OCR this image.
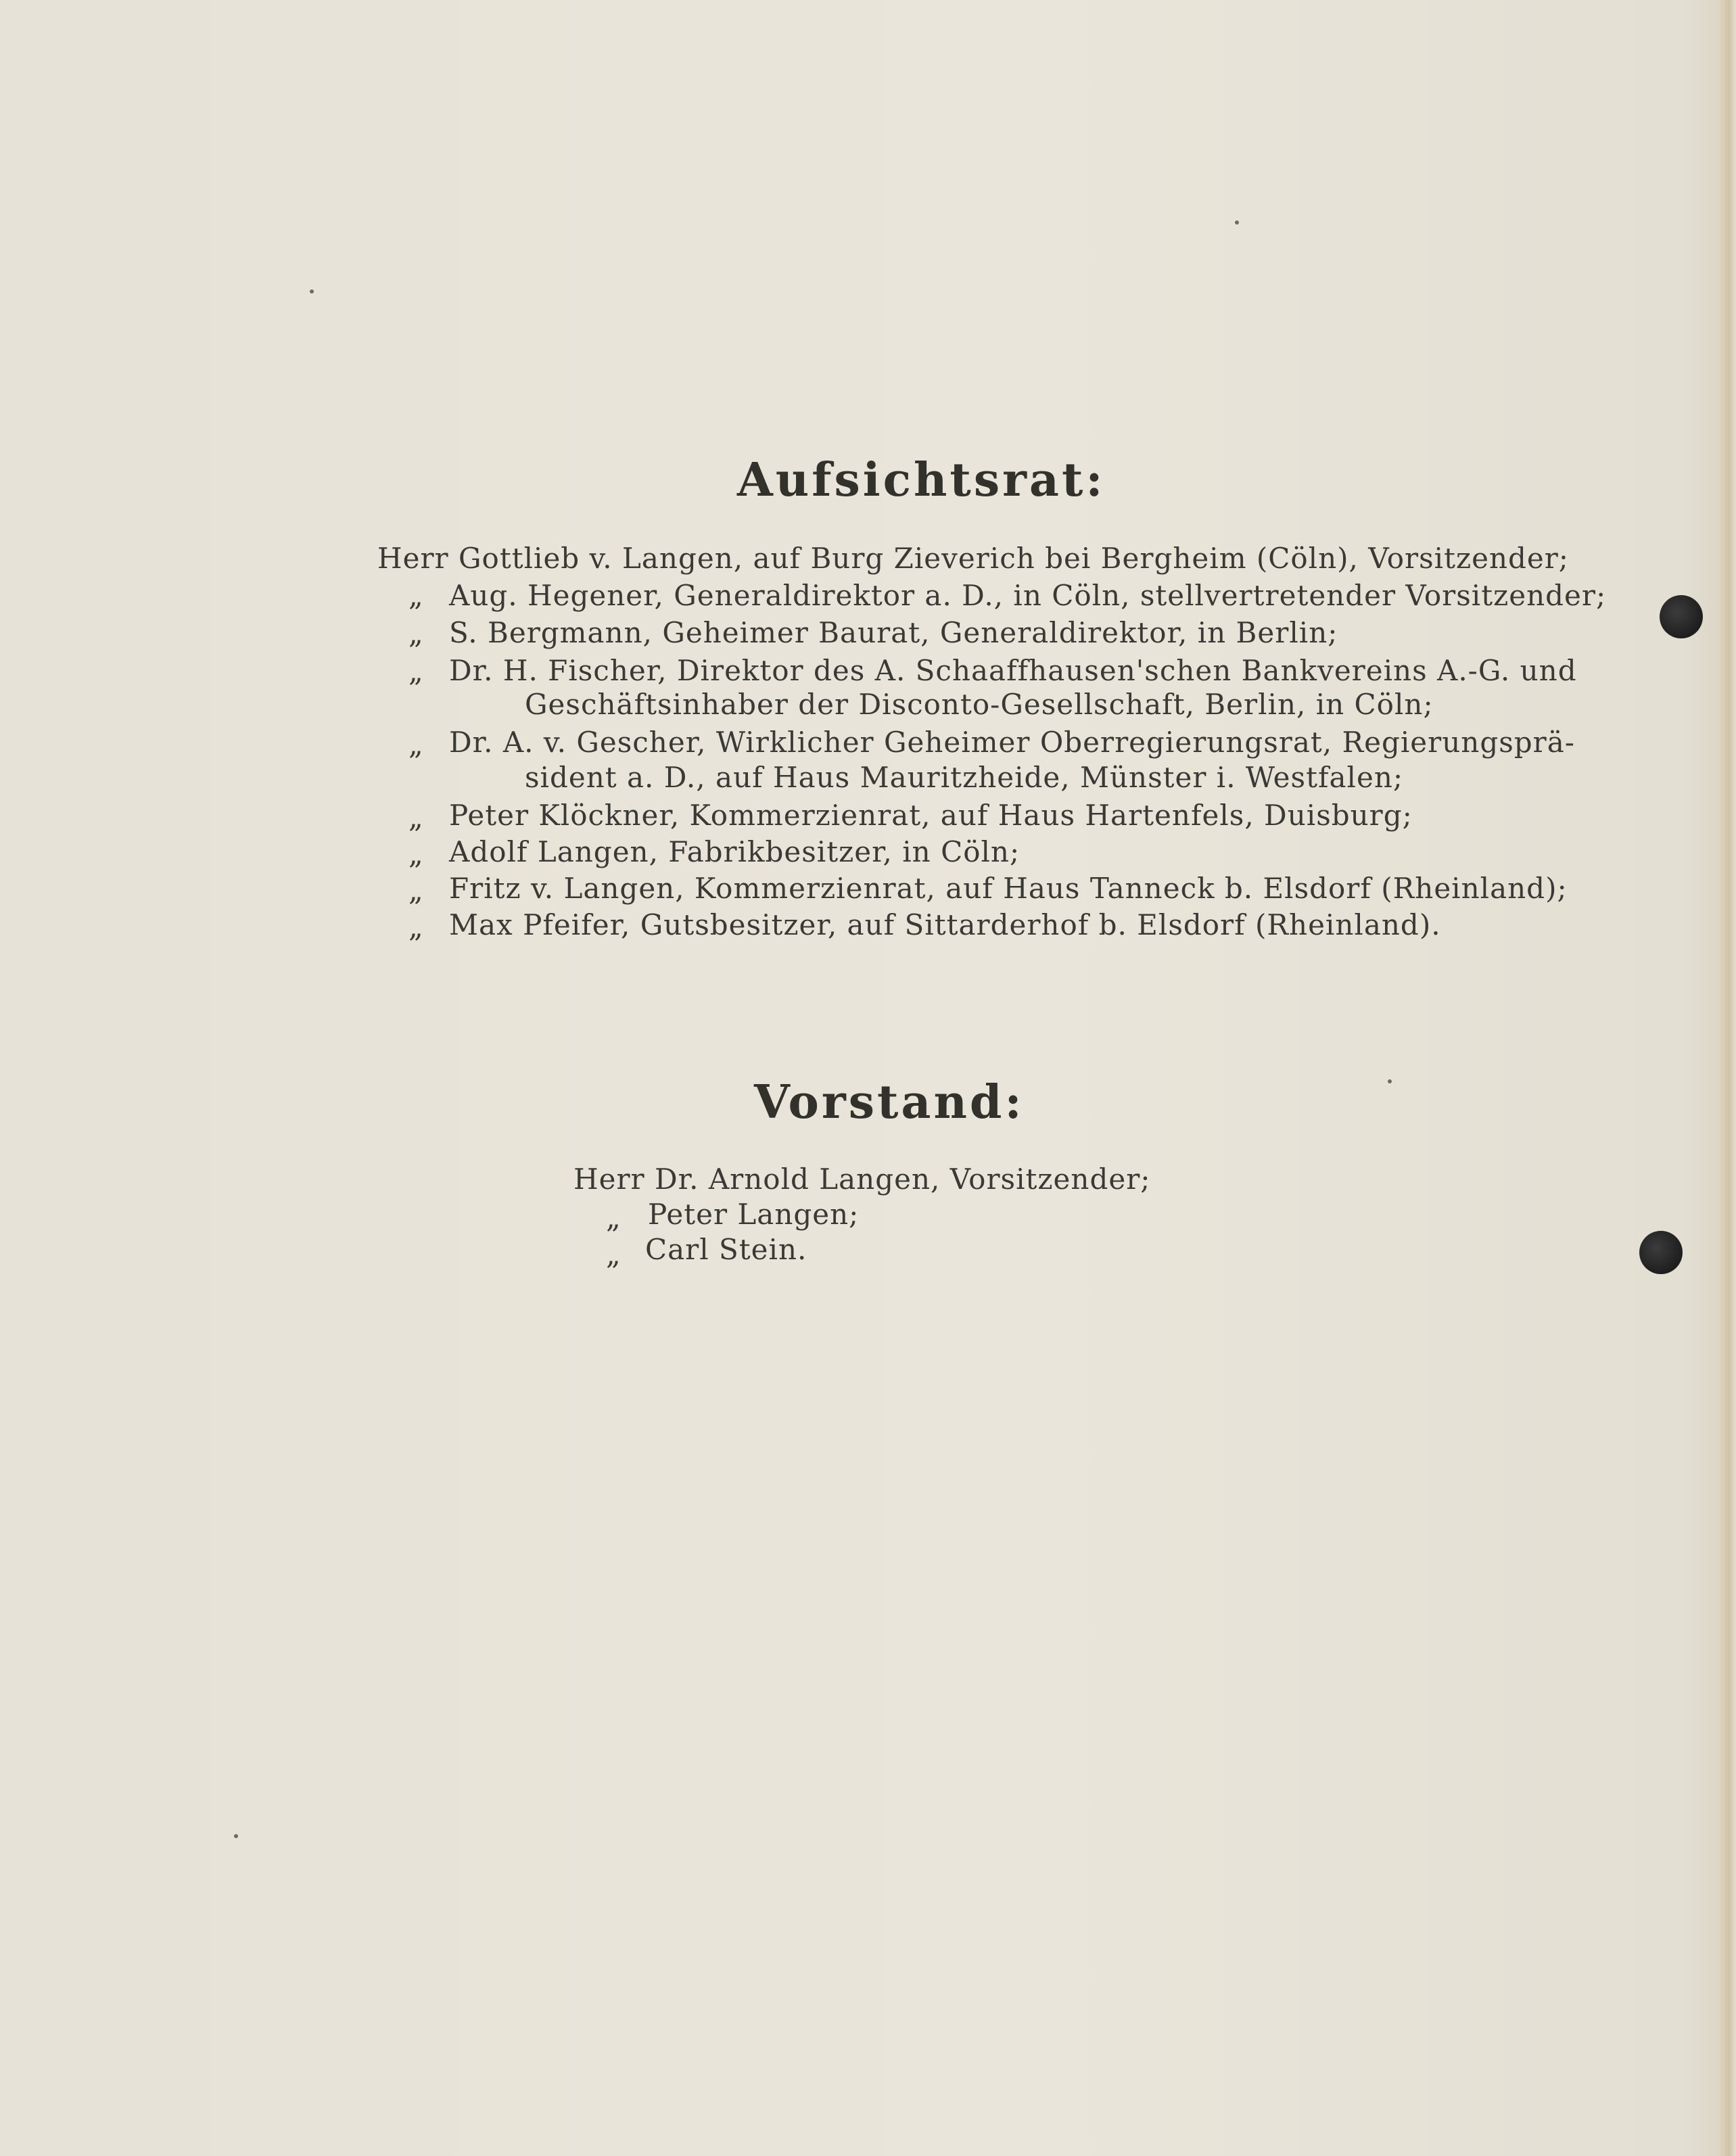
Aufsichtsrat:
Herr Gottlieb v. Langen, auf Burg Zieverich bei Bergheim (Cöln), Vorsitzender;
„ Aug. Hegener, Generaldirektor a. D., in Cöln, stellvertretender Vorsitzender;
„ S. Bergmann, Geheimer Baurat, Generaldirektor, in Berlin;
„ Dr. H. Fischer, Direktor des A. Schaaffhausen'schen Bankvereins A.-G. und
Geschäftsinhaber der Disconto-Gesellschaft, Berlin, in Cöln;
„ Dr. A. v. Gescher, Wirklicher Geheimer Oberregierungsrat, Regierungsprä-
sident a. D., auf Haus Mauritzheide, Münster i. Westfalen;
„ Peter Klöckner, Kommerzienrat, auf Haus Hartenfels, Duisburg;
„ Adolf Langen, Fabrikbesitzer, in Cöln;
„ Fritz v. Langen, Kommerzienrat, auf Haus Tanneck b. Elsdorf (Rheinland);
„ Max Pfeifer, Gutsbesitzer, auf Sittarderhof b. Elsdorf (Rheinland).
Vorstand:
Herr Dr. Arnold Langen, Vorsitzender;
„ Peter Langen;
„ Carl Stein.
